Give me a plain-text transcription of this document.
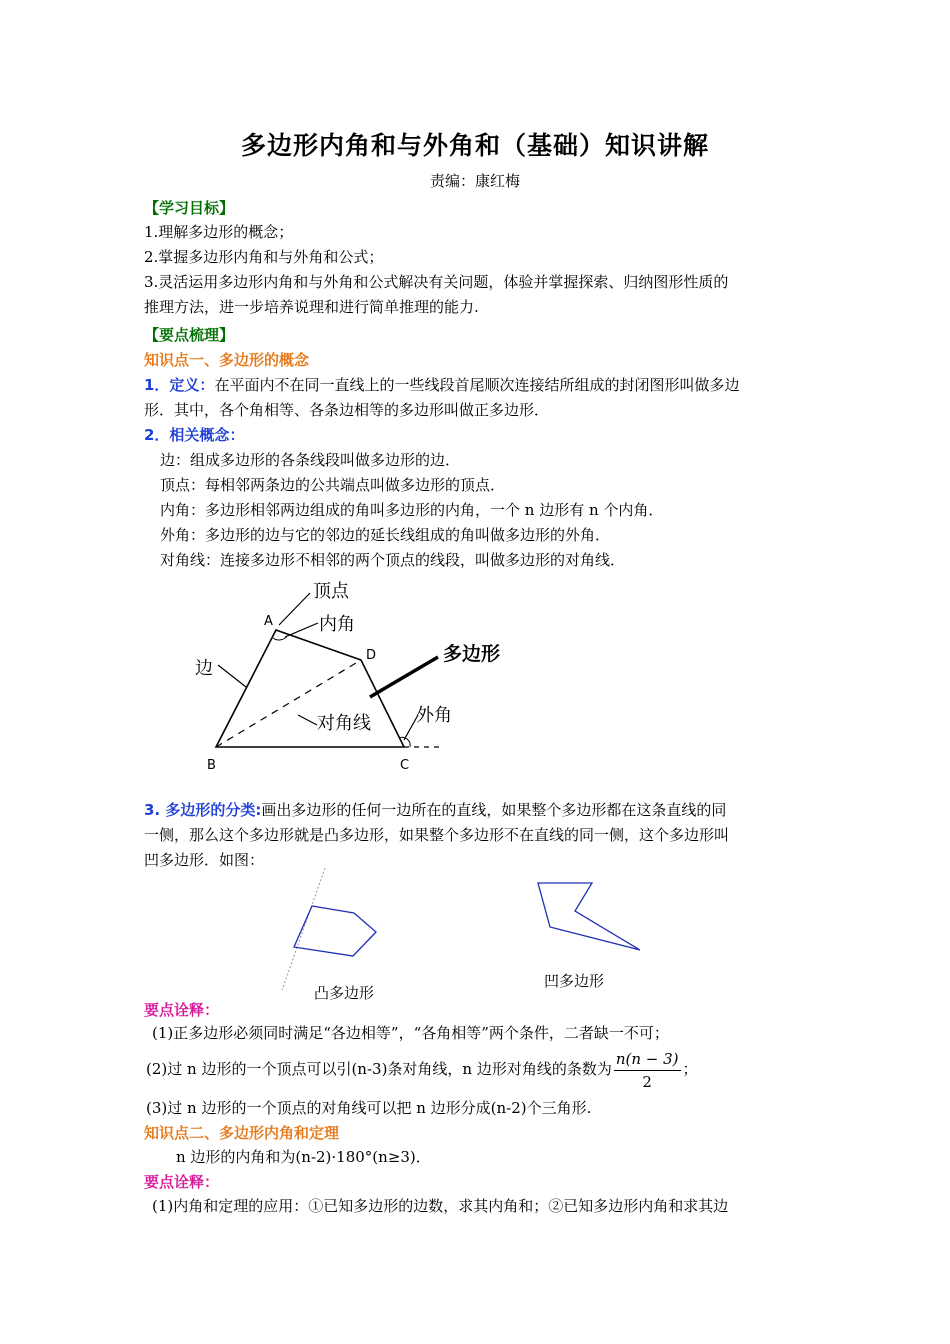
多边形内角和与外角和（基础）知识讲解
责编：康红梅
【学习目标】
1.理解多边形的概念；
2.掌握多边形内角和与外角和公式；
3.灵活运用多边形内角和与外角和公式解决有关问题，体验并掌握探索、归纳图形性质的
推理方法，进一步培养说理和进行简单推理的能力.
【要点梳理】
知识点一、多边形的概念
1．定义：在平面内不在同一直线上的一些线段首尾顺次连接结所组成的封闭图形叫做多边
形．其中，各个角相等、各条边相等的多边形叫做正多边形．
2．相关概念：
边：组成多边形的各条线段叫做多边形的边．
顶点：每相邻两条边的公共端点叫做多边形的顶点．
内角：多边形相邻两边组成的角叫多边形的内角，一个 n 边形有 n 个内角．
外角：多边形的边与它的邻边的延长线组成的角叫做多边形的外角．
对角线：连接多边形不相邻的两个顶点的线段，叫做多边形的对角线．
顶点
内角
多边形
边
对角线	外角
A
D
B	C
3. 多边形的分类:画出多边形的任何一边所在的直线，如果整个多边形都在这条直线的同
一侧，那么这个多边形就是凸多边形，如果整个多边形不在直线的同一侧，这个多边形叫
凹多边形．如图：
凸多边形
凹多边形
要点诠释：
(1)正多边形必须同时满足“各边相等”，“各角相等”两个条件，二者缺一不可；
(2)过 n 边形的一个顶点可以引(n-3)条对角线，n 边形对角线的条数为 $\frac{n(n - 3)}{2}$ ；
(3)过 n 边形的一个顶点的对角线可以把 n 边形分成(n-2)个三角形.
知识点二、多边形内角和定理
n 边形的内角和为(n-2)·180°(n≥3)．
要点诠释：
(1)内角和定理的应用：①已知多边形的边数，求其内角和；②已知多边形内角和求其边
